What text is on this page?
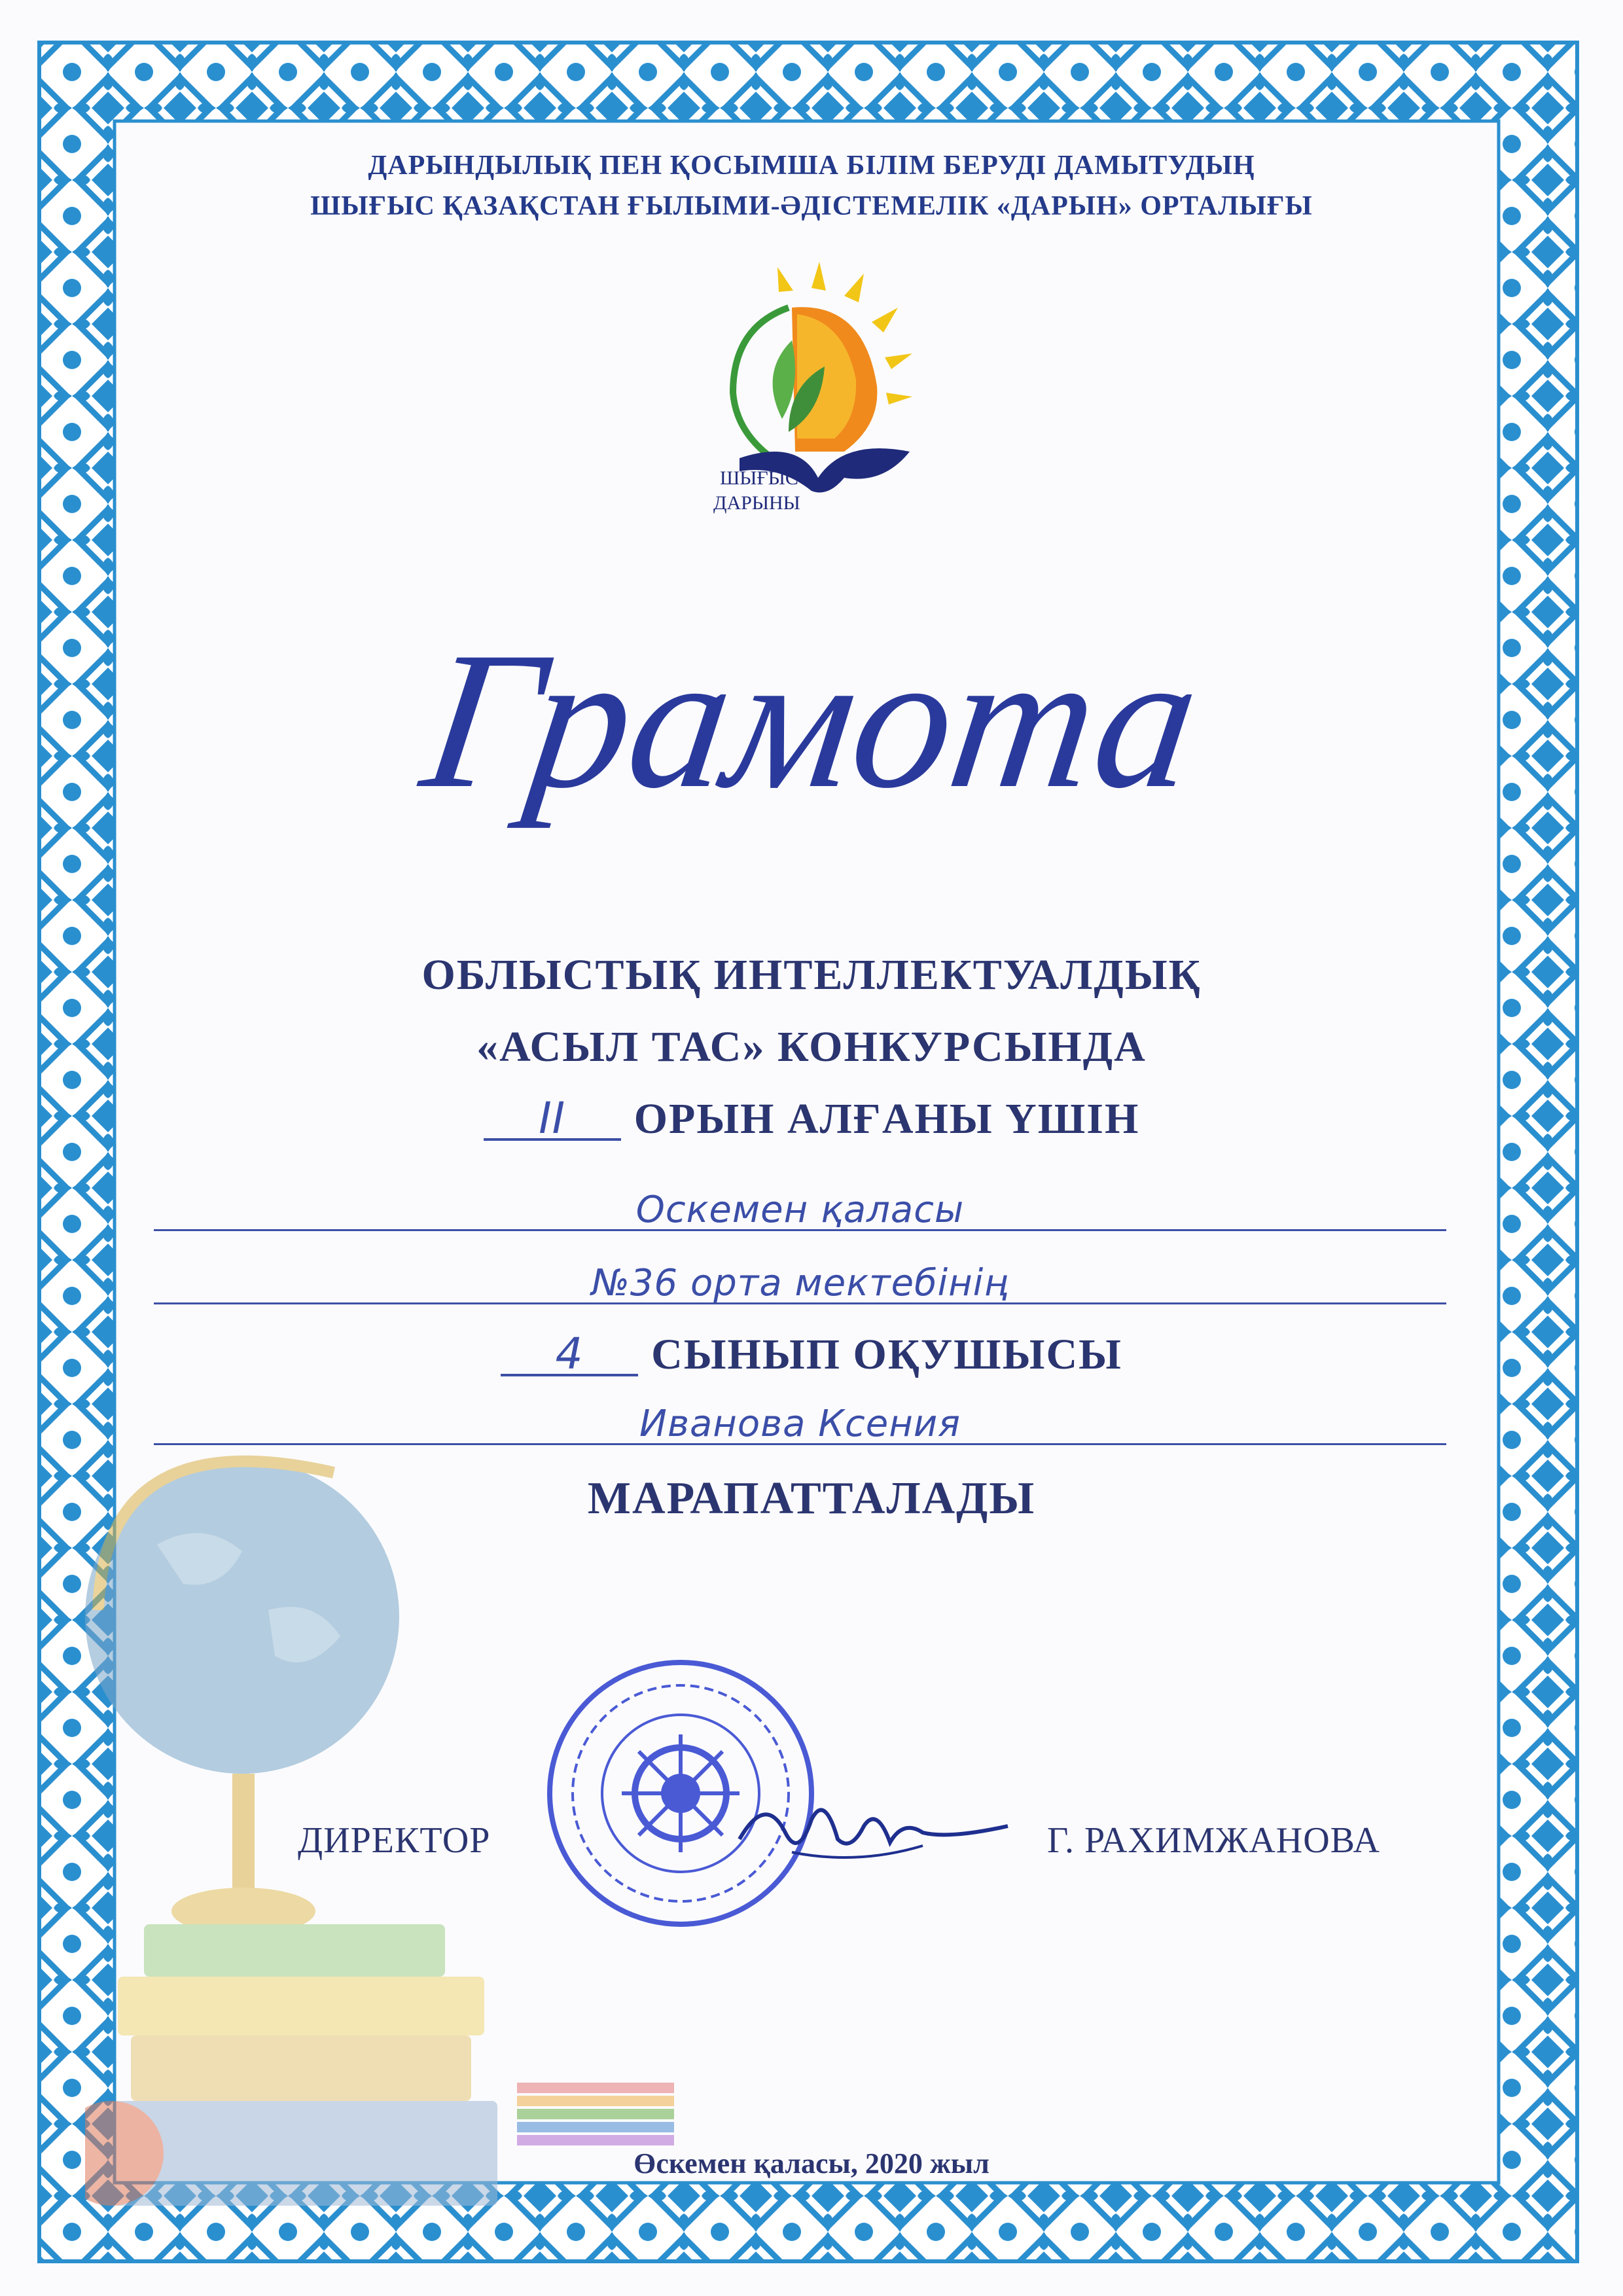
ДАРЫНДЫЛЫҚ ПЕН ҚОСЫМША БІЛІМ БЕРУДІ ДАМЫТУДЫҢ
ШЫҒЫС ҚАЗАҚСТАН ҒЫЛЫМИ-ӘДІСТЕМЕЛІК «ДАРЫН» ОРТАЛЫҒЫ
ШЫҒЫС
ДАРЫНЫ
Грамота
ОБЛЫСТЫҚ ИНТЕЛЛЕКТУАЛДЫҚ
«АСЫЛ ТАС» КОНКУРСЫНДА
II ОРЫН АЛҒАНЫ ҮШІН
Оскемен қаласы
№36 орта мектебінің
4 СЫНЫП ОҚУШЫСЫ
Иванова Ксения
МАРАПАТТАЛАДЫ
ДИРЕКТОР	Г. РАХИМЖАНОВА
Өскемен қаласы, 2020 жыл
